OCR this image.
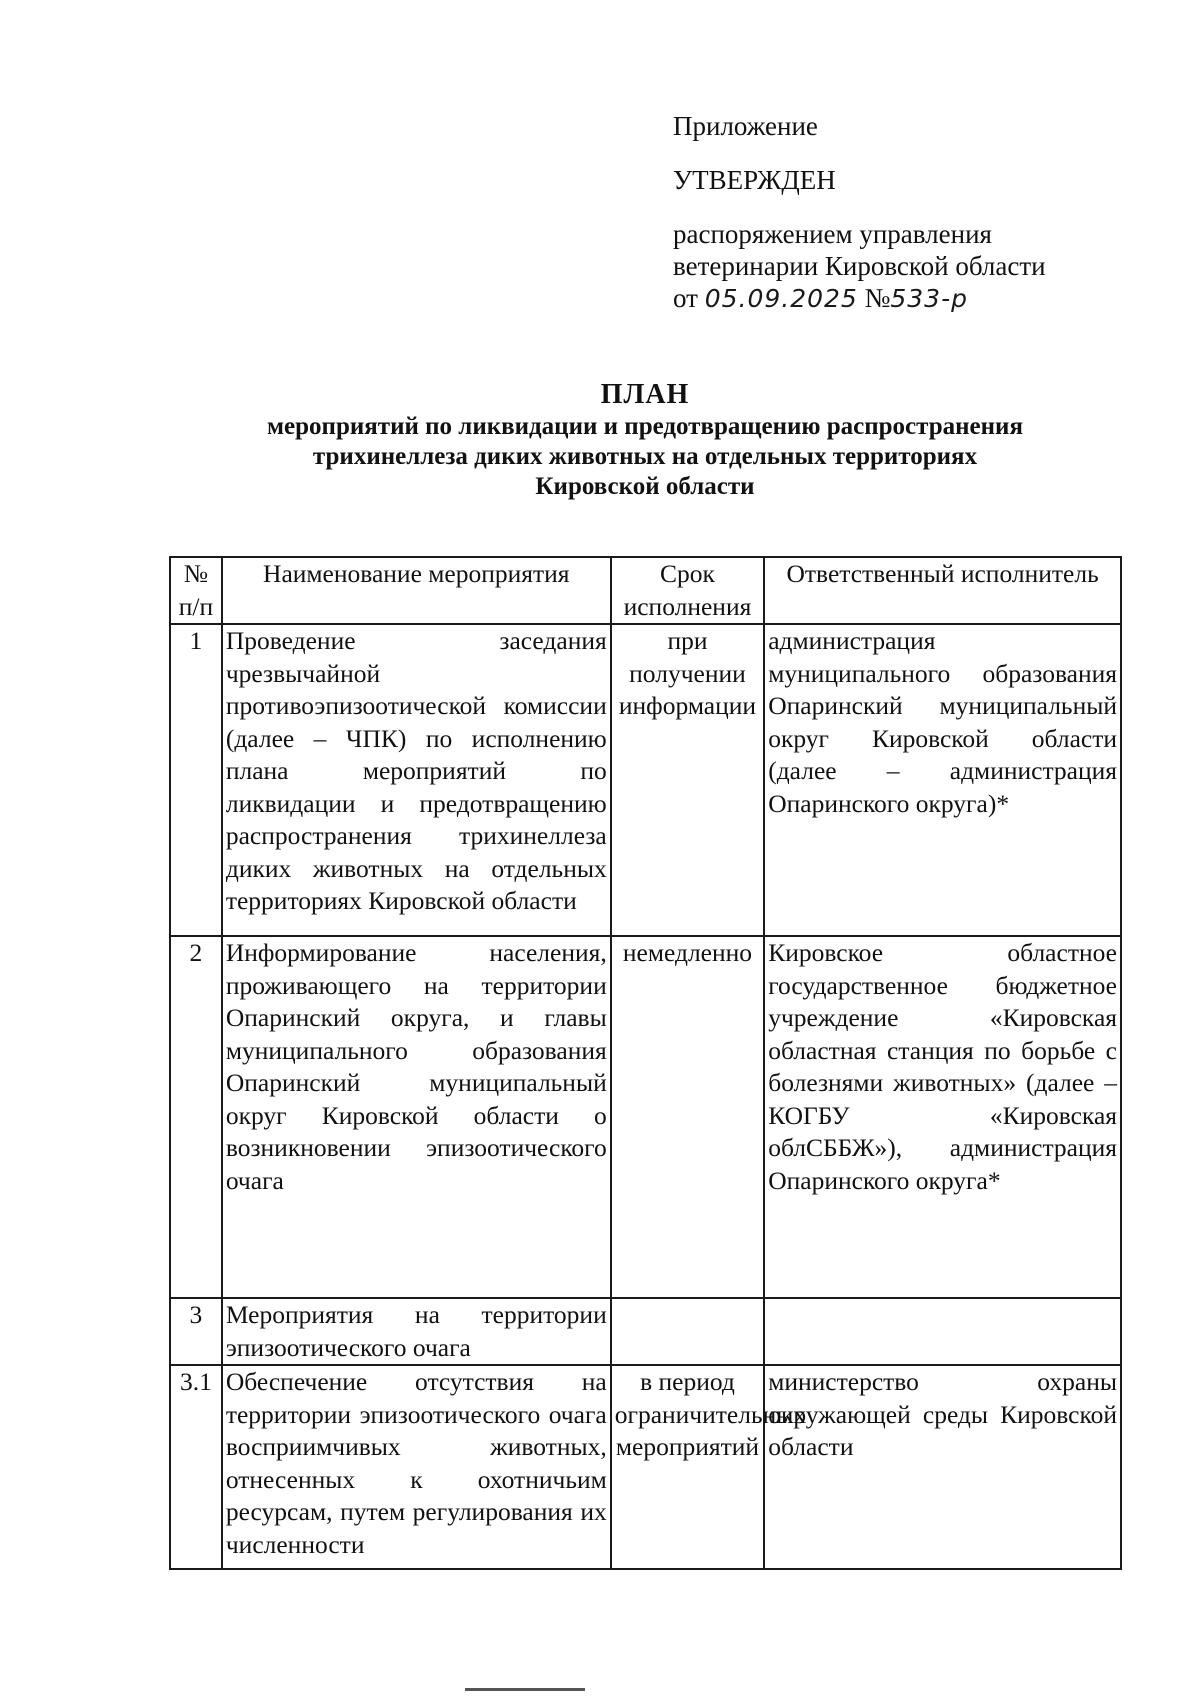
Приложение
УТВЕРЖДЕН
распоряжением управления
ветеринарии Кировской области
от 05.09.2025 №533-р
ПЛАН
мероприятий по ликвидации и предотвращению распространения
трихинеллеза диких животных на отдельных территориях
Кировской области
№ п/п	Наименование мероприятия	Срок исполнения	Ответственный исполнитель
1	Проведение заседания чрезвычайной противоэпизоотической комиссии (далее – ЧПК) по исполнению плана мероприятий по ликвидации и предотвращению распространения трихинеллеза диких животных на отдельных территориях Кировской области	при получении информации	администрация муниципального образования Опаринский муниципальный округ Кировской области (далее – администрация Опаринского округа)*
2	Информирование населения, проживающего на территории Опаринский округа, и главы муниципального образования Опаринский муниципальный округ Кировской области о возникновении эпизоотического очага	немедленно	Кировское областное государственное бюджетное учреждение «Кировская областная станция по борьбе с болезнями животных» (далее – КОГБУ «Кировская облСББЖ»), администрация Опаринского округа*
3	Мероприятия на территории эпизоотического очага		
3.1	Обеспечение отсутствия на территории эпизоотического очага восприимчивых животных, отнесенных к охотничьим ресурсам, путем регулирования их численности	в период ограничительных мероприятий	министерство охраны окружающей среды Кировской области
